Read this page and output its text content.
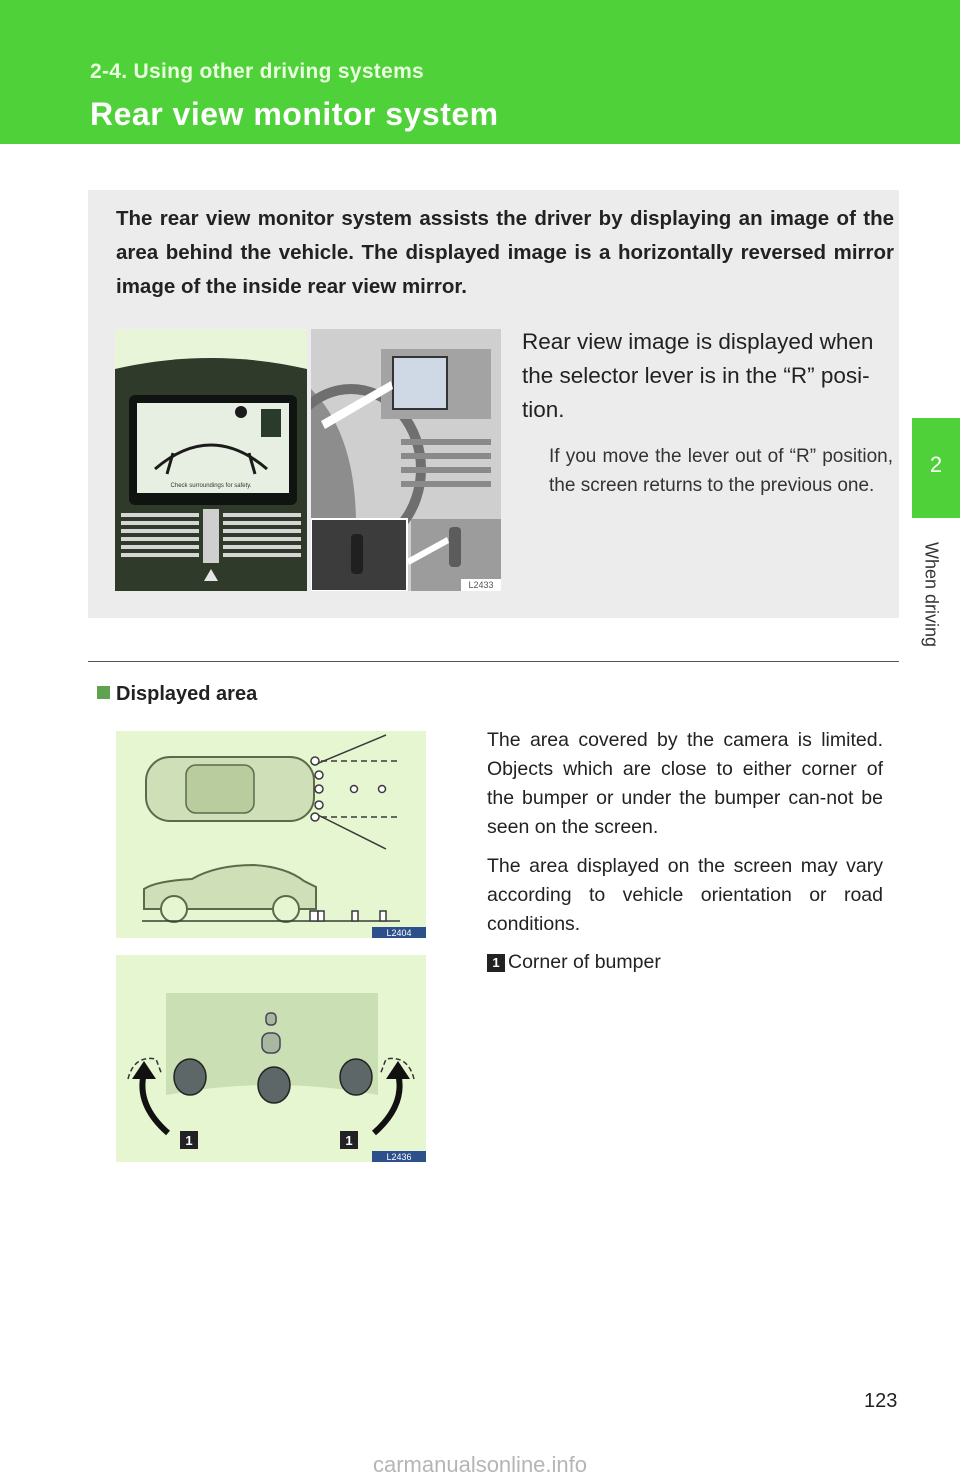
2-4. Using other driving systems
Rear view monitor system
2
When driving
The rear view monitor system assists the driver by displaying an image of the area behind the vehicle. The displayed image is a horizontally reversed mirror image of the inside rear view mirror.
Check surroundings for safety.
L2433
Rear view image is displayed when the selector lever is in the “R” posi-tion.
If you move the lever out of “R” position, the screen returns to the previous one.
Displayed area
L2404
1	1
L2436
The area covered by the camera is limited. Objects which are close to either corner of the bumper or under the bumper can-not be seen on the screen.
The area displayed on the screen may vary according to vehicle orientation or road conditions.
1 Corner of bumper
123
carmanualsonline.info
